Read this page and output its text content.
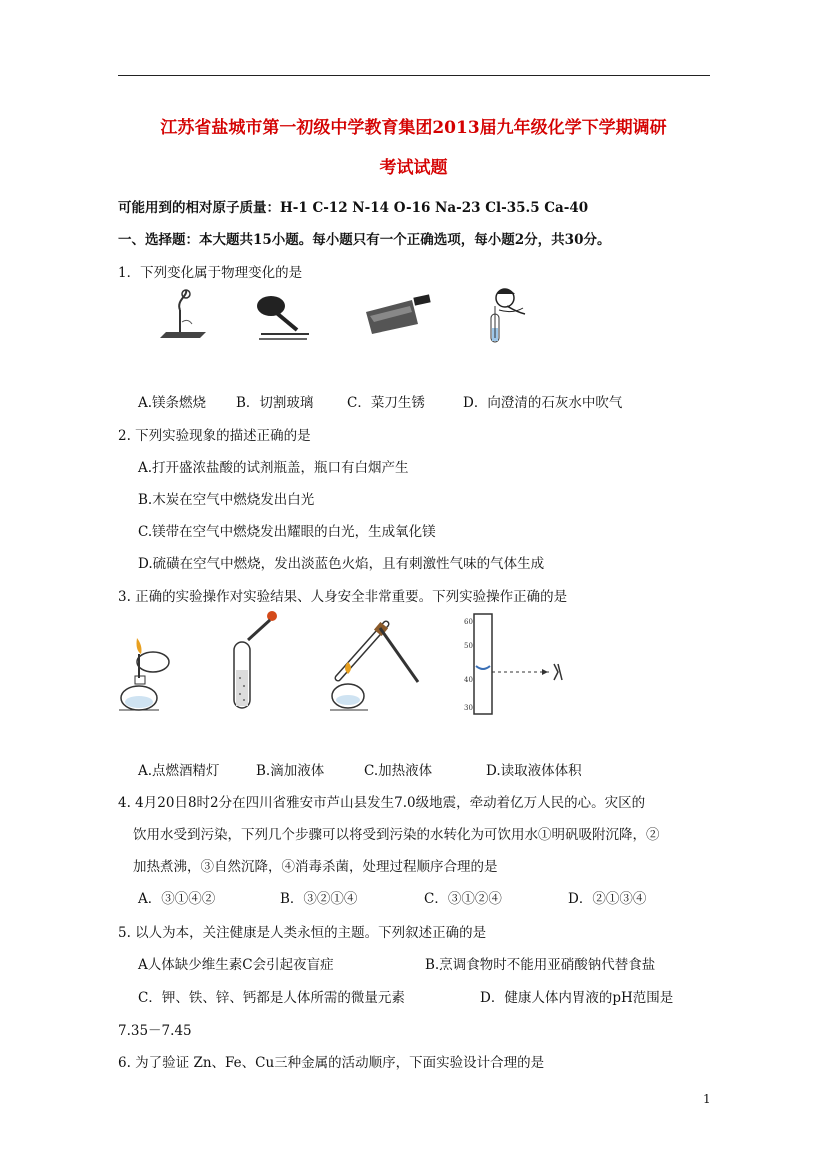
江苏省盐城市第一初级中学教育集团2013届九年级化学下学期调研
考试试题
可能用到的相对原子质量：H-1 C-12 N-14 O-16 Na-23 Cl-35.5 Ca-40
一、选择题：本大题共15小题。每小题只有一个正确选项，每小题2分，共30分。
1．下列变化属于物理变化的是
A.镁条燃烧 B．切割玻璃 C．菜刀生锈	D．向澄清的石灰水中吹气
2. 下列实验现象的描述正确的是
A.打开盛浓盐酸的试剂瓶盖，瓶口有白烟产生
B.木炭在空气中燃烧发出白光
C.镁带在空气中燃烧发出耀眼的白光，生成氧化镁
D.硫磺在空气中燃烧，发出淡蓝色火焰，且有刺激性气味的气体生成
3. 正确的实验操作对实验结果、人身安全非常重要。下列实验操作正确的是
60
50
40
30
A.点燃酒精灯	B.滴加液体	C.加热液体	D.读取液体体积
4. 4月20日8时2分在四川省雅安市芦山县发生7.0级地震，牵动着亿万人民的心。灾区的
饮用水受到污染，下列几个步骤可以将受到污染的水转化为可饮用水①明矾吸附沉降，②
加热煮沸，③自然沉降，④消毒杀菌，处理过程顺序合理的是
A．③①④②	B．③②①④	C．③①②④	D．②①③④
5. 以人为本，关注健康是人类永恒的主题。下列叙述正确的是
A人体缺少维生素C会引起夜盲症	B.烹调食物时不能用亚硝酸钠代替食盐
C．钾、铁、锌、钙都是人体所需的微量元素	D．健康人体内胃液的pH范围是
7.35－7.45
6. 为了验证 Zn、Fe、Cu三种金属的活动顺序，下面实验设计合理的是
1
